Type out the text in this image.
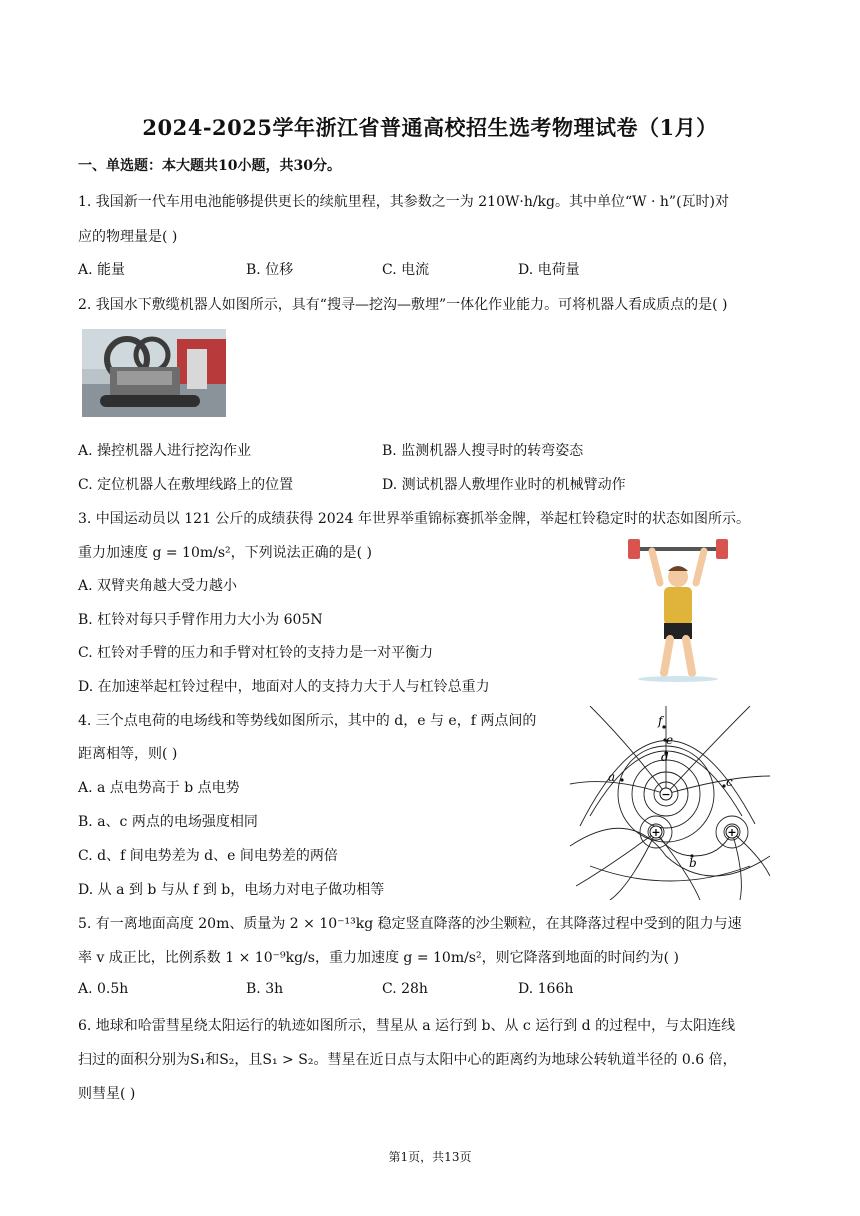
2024-2025学年浙江省普通高校招生选考物理试卷（1月）
一、单选题：本大题共10小题，共30分。
1. 我国新一代车用电池能够提供更长的续航里程，其参数之一为 210W·h/kg。其中单位“W · h”(瓦时)对
应的物理量是( )
A. 能量	B. 位移	C. 电流	D. 电荷量
2. 我国水下敷缆机器人如图所示，具有“搜寻—挖沟—敷埋”一体化作业能力。可将机器人看成质点的是( )
A. 操控机器人进行挖沟作业	B. 监测机器人搜寻时的转弯姿态
C. 定位机器人在敷埋线路上的位置	D. 测试机器人敷埋作业时的机械臂动作
3. 中国运动员以 121 公斤的成绩获得 2024 年世界举重锦标赛抓举金牌，举起杠铃稳定时的状态如图所示。
重力加速度 g = 10m/s²，下列说法正确的是( )
A. 双臂夹角越大受力越小
B. 杠铃对每只手臂作用力大小为 605N
C. 杠铃对手臂的压力和手臂对杠铃的支持力是一对平衡力
D. 在加速举起杠铃过程中，地面对人的支持力大于人与杠铃总重力
4. 三个点电荷的电场线和等势线如图所示，其中的 d，e 与 e，f 两点间的
距离相等，则( )
A. a 点电势高于 b 点电势
B. a、c 两点的电场强度相同
C. d、f 间电势差为 d、e 间电势差的两倍
D. 从 a 到 b 与从 f 到 b，电场力对电子做功相等
−
+	+
f
e
d
a	c
b
5. 有一离地面高度 20m、质量为 2 × 10⁻¹³kg 稳定竖直降落的沙尘颗粒，在其降落过程中受到的阻力与速
率 v 成正比，比例系数 1 × 10⁻⁹kg/s，重力加速度 g = 10m/s²，则它降落到地面的时间约为( )
A. 0.5h	B. 3h	C. 28h	D. 166h
6. 地球和哈雷彗星绕太阳运行的轨迹如图所示，彗星从 a 运行到 b、从 c 运行到 d 的过程中，与太阳连线
扫过的面积分别为S₁和S₂，且S₁ > S₂。彗星在近日点与太阳中心的距离约为地球公转轨道半径的 0.6 倍，
则彗星( )
第1页，共13页
